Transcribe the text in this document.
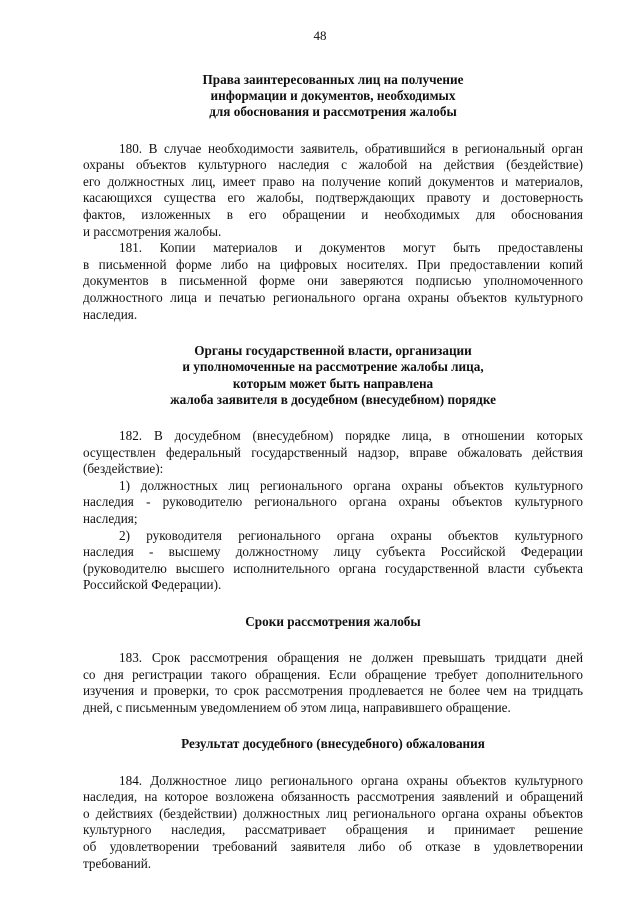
48
Права заинтересованных лиц на получение
информации и документов, необходимых
для обоснования и рассмотрения жалобы
180. В случае необходимости заявитель, обратившийся в региональный орган
охраны объектов культурного наследия с жалобой на действия (бездействие)
его должностных лиц, имеет право на получение копий документов и материалов,
касающихся существа его жалобы, подтверждающих правоту и достоверность
фактов, изложенных в его обращении и необходимых для обоснования
и рассмотрения жалобы.
181. Копии материалов и документов могут быть предоставлены
в письменной форме либо на цифровых носителях. При предоставлении копий
документов в письменной форме они заверяются подписью уполномоченного
должностного лица и печатью регионального органа охраны объектов культурного
наследия.
Органы государственной власти, организации
и уполномоченные на рассмотрение жалобы лица,
которым может быть направлена
жалоба заявителя в досудебном (внесудебном) порядке
182. В досудебном (внесудебном) порядке лица, в отношении которых
осуществлен федеральный государственный надзор, вправе обжаловать действия
(бездействие):
1) должностных лиц регионального органа охраны объектов культурного
наследия - руководителю регионального органа охраны объектов культурного
наследия;
2) руководителя регионального органа охраны объектов культурного
наследия - высшему должностному лицу субъекта Российской Федерации
(руководителю высшего исполнительного органа государственной власти субъекта
Российской Федерации).
Сроки рассмотрения жалобы
183. Срок рассмотрения обращения не должен превышать тридцати дней
со дня регистрации такого обращения. Если обращение требует дополнительного
изучения и проверки, то срок рассмотрения продлевается не более чем на тридцать
дней, с письменным уведомлением об этом лица, направившего обращение.
Результат досудебного (внесудебного) обжалования
184. Должностное лицо регионального органа охраны объектов культурного
наследия, на которое возложена обязанность рассмотрения заявлений и обращений
о действиях (бездействии) должностных лиц регионального органа охраны объектов
культурного наследия, рассматривает обращения и принимает решение
об удовлетворении требований заявителя либо об отказе в удовлетворении
требований.
